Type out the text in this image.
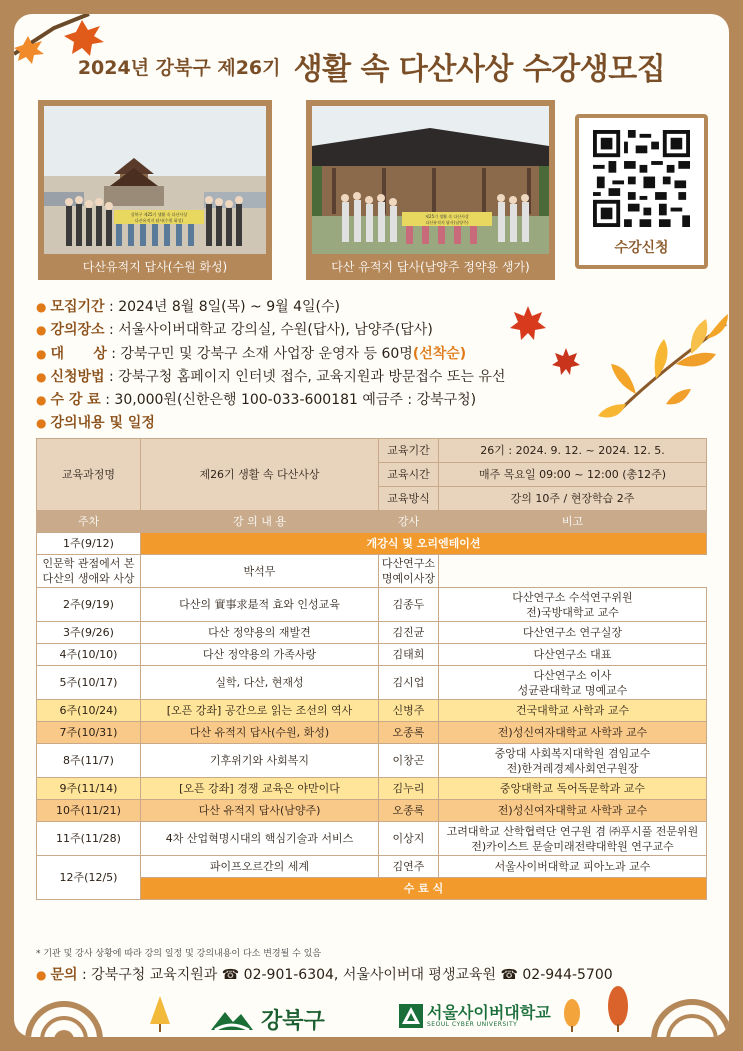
2024년 강북구 제26기 생활 속 다산사상 수강생모집
강북구 제25기 생활 속 다산사상
다산유적지 답사(수원 화성)
다산유적지 답사(수원 화성)
제25기 생활 속 다산사상
다산유적지 답사(남양주)
다산 유적지 답사(남양주 정약용 생가)
수강신청
● 모집기간 : 2024년 8월 8일(목) ~ 9월 4일(수)
● 강의장소 : 서울사이버대학교 강의실, 수원(답사), 남양주(답사)
● 대      상 : 강북구민 및 강북구 소재 사업장 운영자 등 60명(선착순)
● 신청방법 : 강북구청 홈페이지 인터넷 접수, 교육지원과 방문접수 또는 유선
● 수 강 료 : 30,000원(신한은행 100-033-600181 예금주 : 강북구청)
● 강의내용 및 일정
교육과정명	제26기 생활 속 다산사상	교육기간	26기 : 2024. 9. 12. ~ 2024. 12. 5.
		교육시간	매주 목요일 09:00 ~ 12:00 (총12주)
		교육방식	강의 10주 / 현장학습 2주
주차	강 의 내 용	강사	비고
1주(9/12)	개강식 및 오리엔테이션		
인문학 관점에서 본 다산의 생애와 사상	박석무	다산연구소 명예이사장	

2주(9/19)	다산의 實事求是적 효와 인성교육	김종두	다산연구소 수석연구위원
전)국방대학교 교수

3주(9/26)	다산 정약용의 재발견	김진균	다산연구소 연구실장

4주(10/10)	다산 정약용의 가족사랑	김태희	다산연구소 대표

5주(10/17)	실학, 다산, 현재성	김시업	다산연구소 이사
성균관대학교 명예교수

6주(10/24)	[오픈 강좌] 공간으로 읽는 조선의 역사	신병주	건국대학교 사학과 교수

7주(10/31)	다산 유적지 답사(수원, 화성)	오종록	전)성신여자대학교 사학과 교수

8주(11/7)	기후위기와 사회복지	이창곤	중앙대 사회복지대학원 겸임교수
전)한겨레경제사회연구원장

9주(11/14)	[오픈 강좌] 경쟁 교육은 야만이다	김누리	중앙대학교 독어독문학과 교수

10주(11/21)	다산 유적지 답사(남양주)	오종록	전)성신여자대학교 사학과 교수

11주(11/28)	4차 산업혁명시대의 핵심기술과 서비스	이상지	고려대학교 산학협력단 연구원 겸 ㈜푸시풀 전문위원
전)카이스트 문술미래전략대학원 연구교수

12주(12/5)	파이프오르간의 세계	김연주	서울사이버대학교 피아노과 교수

	수 료 식		
* 기관 및 강사 상황에 따라 강의 일정 및 강의내용이 다소 변경될 수 있음
● 문의 : 강북구청 교육지원과 ☎ 02-901-6304, 서울사이버대 평생교육원 ☎ 02-944-5700
강북구	서울사이버대학교
SEOUL CYBER UNIVERSITY
